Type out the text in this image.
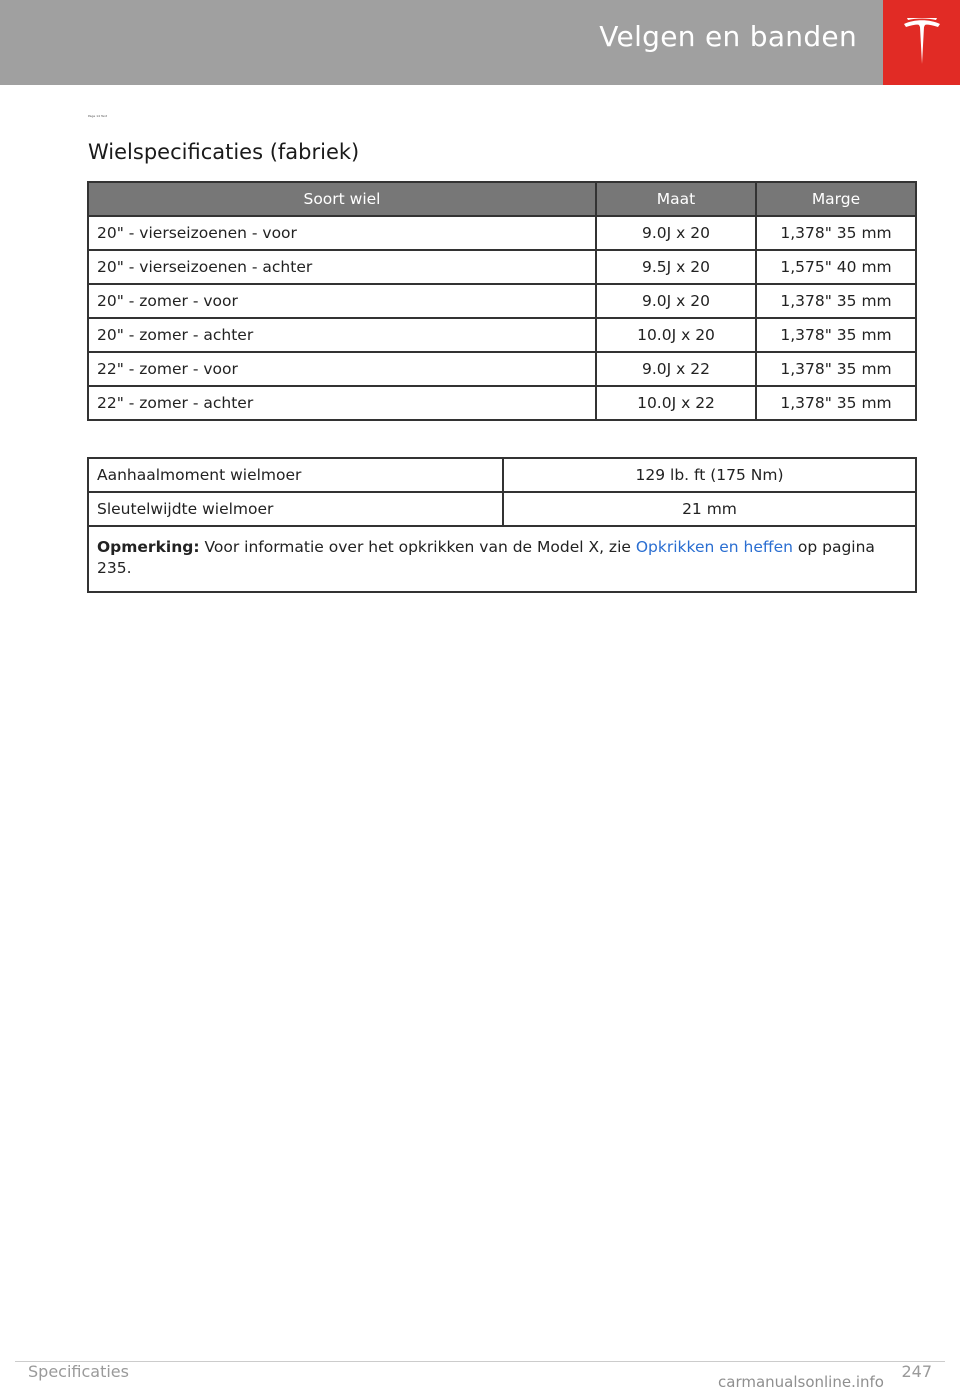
Velgen en banden
Page 14 Text
Wielspecificaties (fabriek)
Soort wiel	Maat	Marge
20" - vierseizoenen - voor	9.0J x 20	1,378" 35 mm
20" - vierseizoenen - achter	9.5J x 20	1,575" 40 mm
20" - zomer - voor	9.0J x 20	1,378" 35 mm
20" - zomer - achter	10.0J x 20	1,378" 35 mm
22" - zomer - voor	9.0J x 22	1,378" 35 mm
22" - zomer - achter	10.0J x 22	1,378" 35 mm
Aanhaalmoment wielmoer	129 lb. ft (175 Nm)
Sleutelwijdte wielmoer	21 mm
Opmerking: Voor informatie over het opkrikken van de Model X, zie Opkrikken en heffen op pagina 235.	
Specificaties	247
carmanualsonline.info
